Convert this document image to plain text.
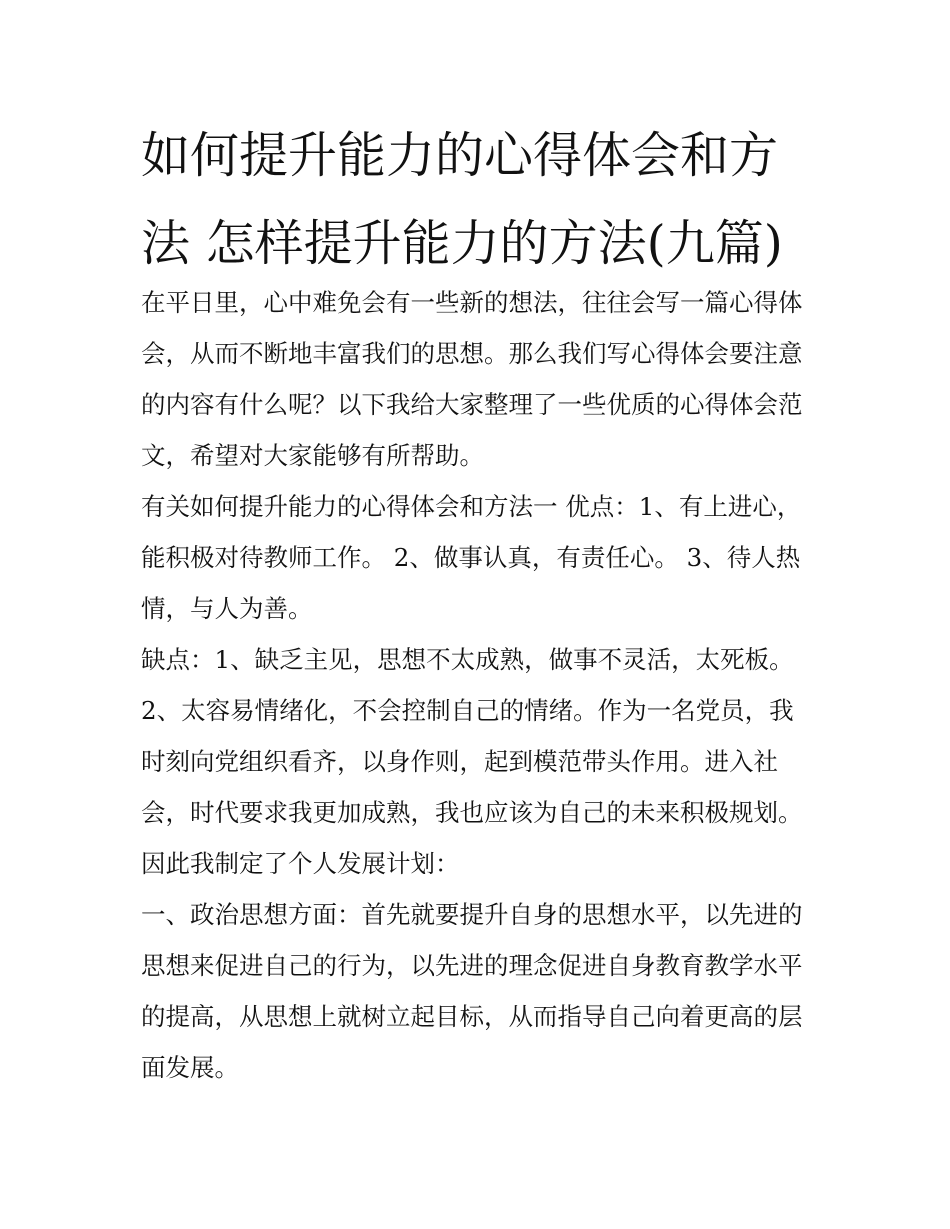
如何提升能力的心得体会和方法 怎样提升能力的方法(九篇)

在平日里，心中难免会有一些新的想法，往往会写一篇心得体会，从而不断地丰富我们的思想。那么我们写心得体会要注意的内容有什么呢？以下我给大家整理了一些优质的心得体会范文，希望对大家能够有所帮助。

有关如何提升能力的心得体会和方法一 优点：1、有上进心，能积极对待教师工作。 2、做事认真，有责任心。 3、待人热情，与人为善。

缺点：1、缺乏主见，思想不太成熟，做事不灵活，太死板。 2、太容易情绪化，不会控制自己的情绪。作为一名党员，我时刻向党组织看齐，以身作则，起到模范带头作用。进入社会，时代要求我更加成熟，我也应该为自己的未来积极规划。因此我制定了个人发展计划：

一、政治思想方面：首先就要提升自身的思想水平，以先进的思想来促进自己的行为，以先进的理念促进自身教育教学水平的提高，从思想上就树立起目标，从而指导自己向着更高的层面发展。
